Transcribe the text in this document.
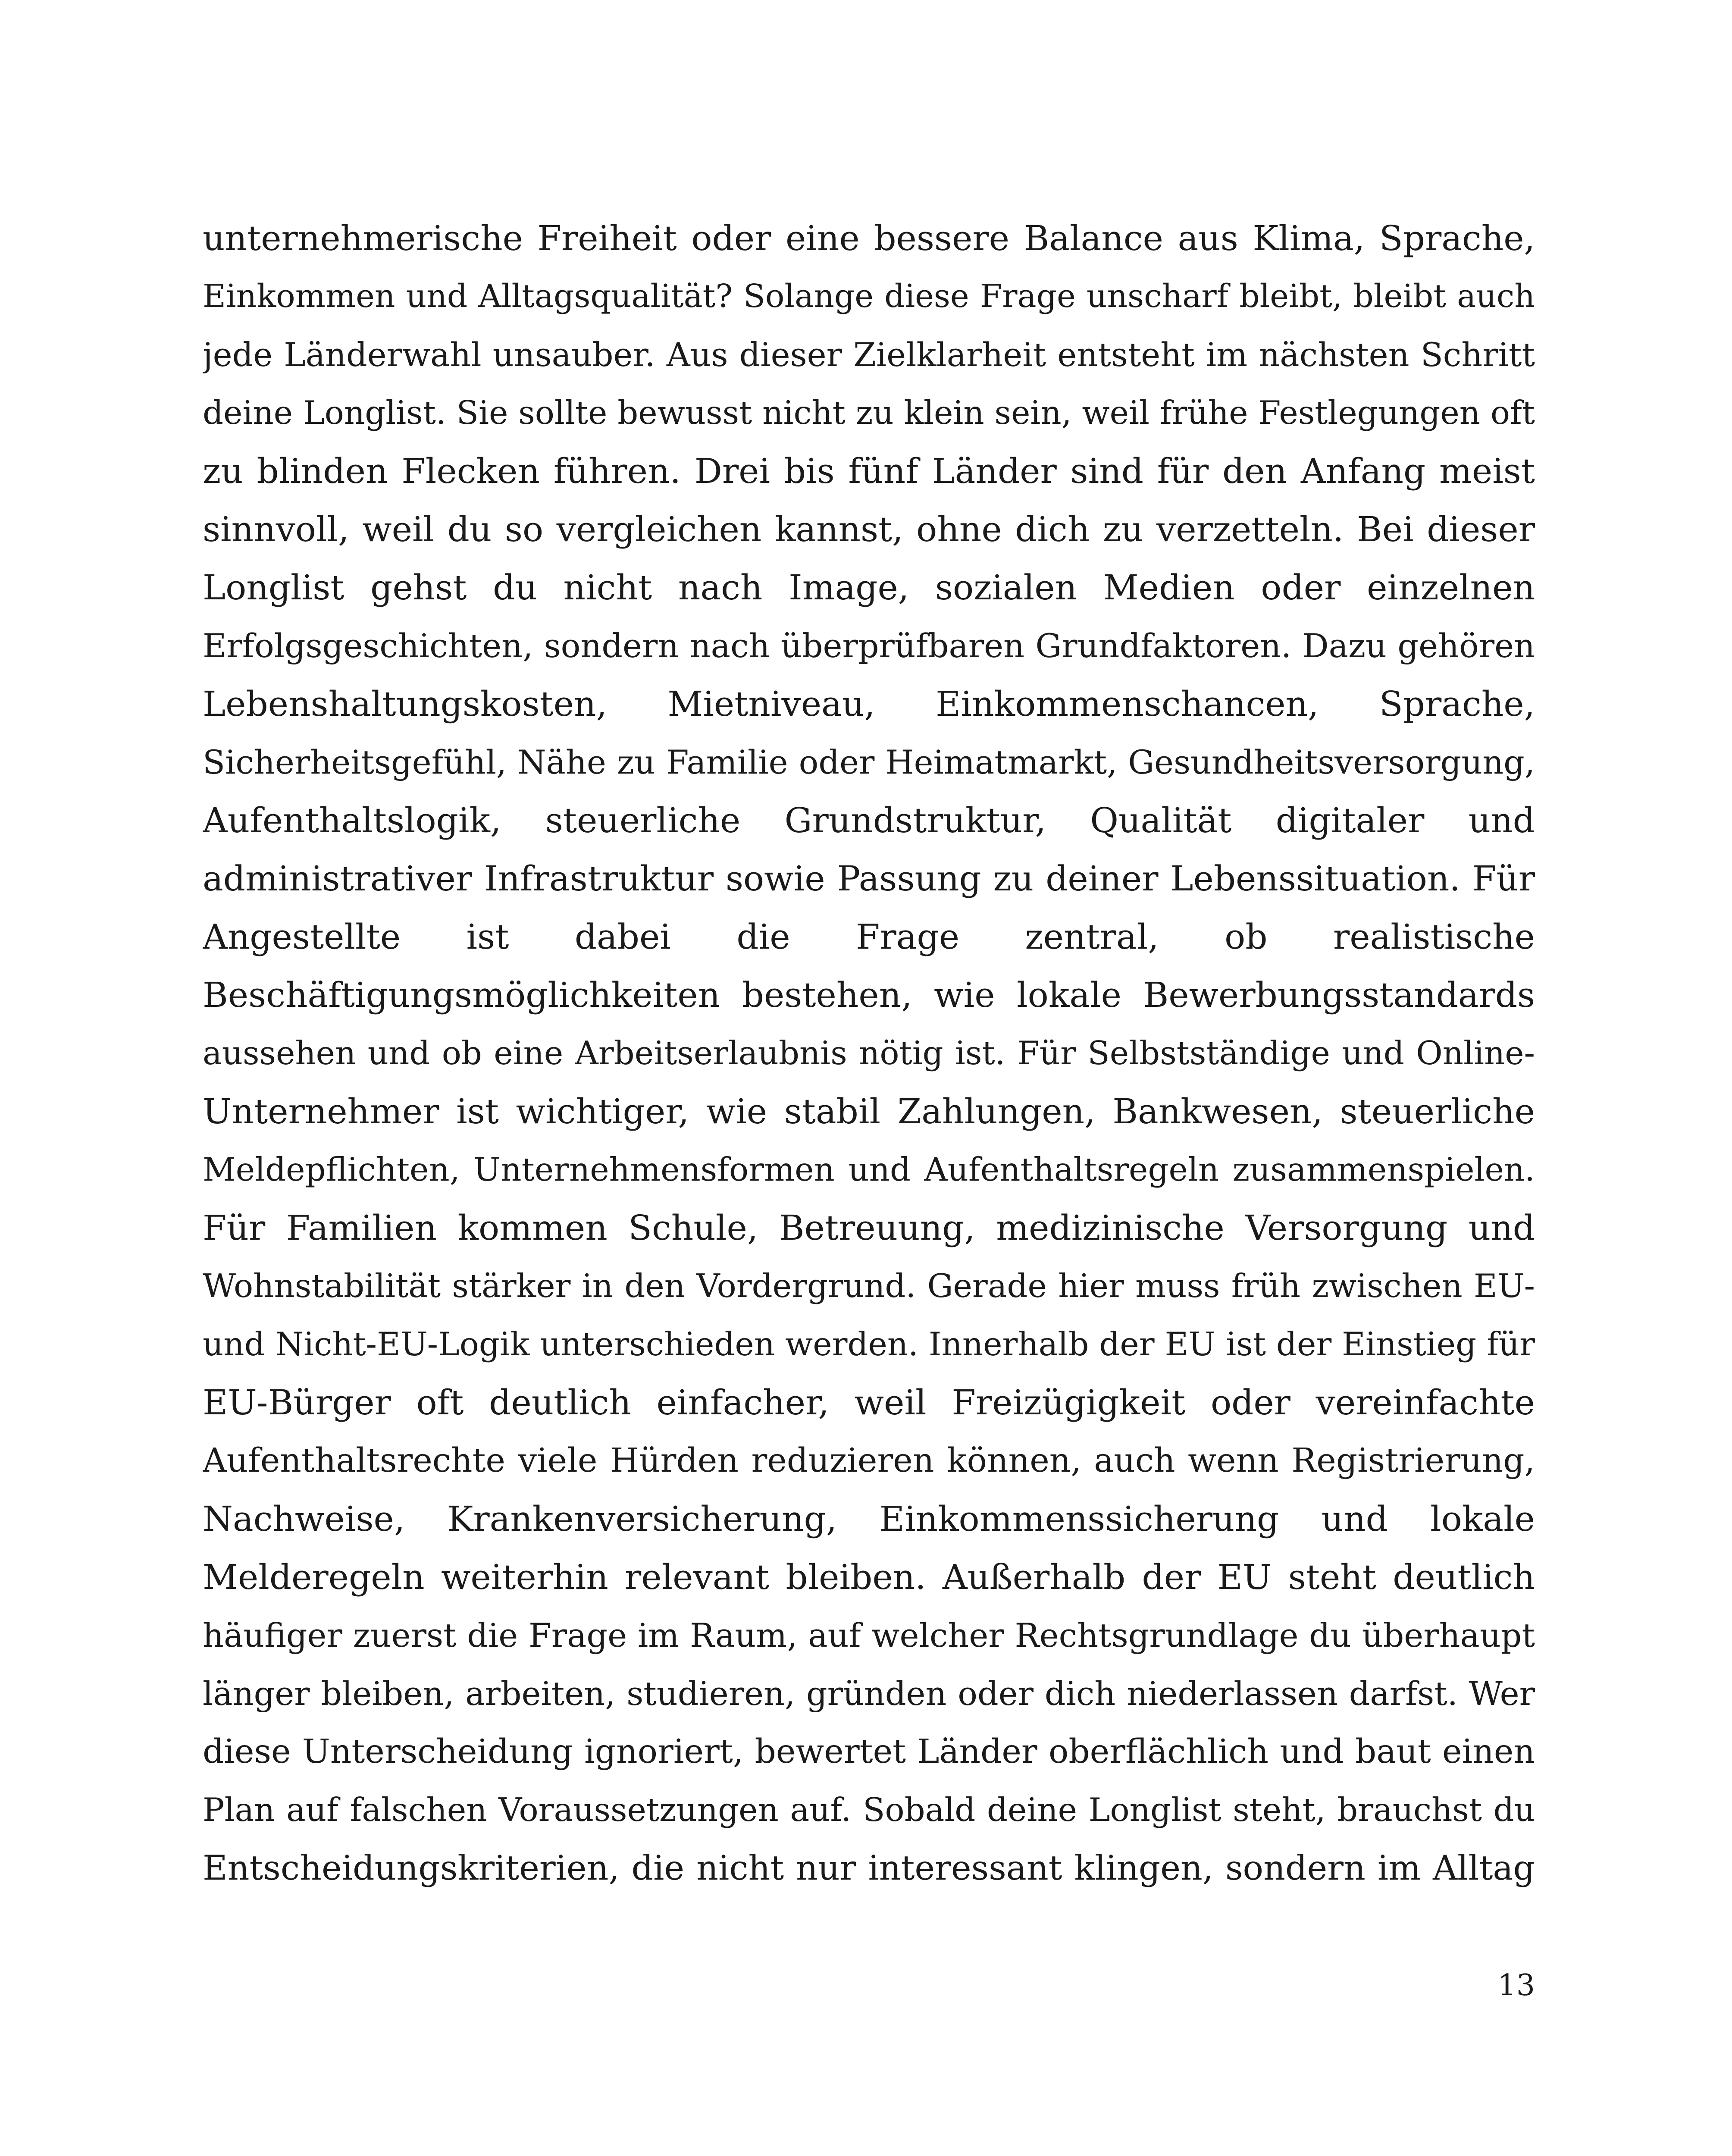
unternehmerische Freiheit oder eine bessere Balance aus Klima, Sprache,
Einkommen und Alltagsqualität? Solange diese Frage unscharf bleibt, bleibt auch
jede Länderwahl unsauber. Aus dieser Zielklarheit entsteht im nächsten Schritt
deine Longlist. Sie sollte bewusst nicht zu klein sein, weil frühe Festlegungen oft
zu blinden Flecken führen. Drei bis fünf Länder sind für den Anfang meist
sinnvoll, weil du so vergleichen kannst, ohne dich zu verzetteln. Bei dieser
Longlist gehst du nicht nach Image, sozialen Medien oder einzelnen
Erfolgsgeschichten, sondern nach überprüfbaren Grundfaktoren. Dazu gehören
Lebenshaltungskosten, Mietniveau, Einkommenschancen, Sprache,
Sicherheitsgefühl, Nähe zu Familie oder Heimatmarkt, Gesundheitsversorgung,
Aufenthaltslogik, steuerliche Grundstruktur, Qualität digitaler und
administrativer Infrastruktur sowie Passung zu deiner Lebenssituation. Für
Angestellte ist dabei die Frage zentral, ob realistische
Beschäftigungsmöglichkeiten bestehen, wie lokale Bewerbungsstandards
aussehen und ob eine Arbeitserlaubnis nötig ist. Für Selbstständige und Online-
Unternehmer ist wichtiger, wie stabil Zahlungen, Bankwesen, steuerliche
Meldepflichten, Unternehmensformen und Aufenthaltsregeln zusammenspielen.
Für Familien kommen Schule, Betreuung, medizinische Versorgung und
Wohnstabilität stärker in den Vordergrund. Gerade hier muss früh zwischen EU-
und Nicht-EU-Logik unterschieden werden. Innerhalb der EU ist der Einstieg für
EU-Bürger oft deutlich einfacher, weil Freizügigkeit oder vereinfachte
Aufenthaltsrechte viele Hürden reduzieren können, auch wenn Registrierung,
Nachweise, Krankenversicherung, Einkommenssicherung und lokale
Melderegeln weiterhin relevant bleiben. Außerhalb der EU steht deutlich
häufiger zuerst die Frage im Raum, auf welcher Rechtsgrundlage du überhaupt
länger bleiben, arbeiten, studieren, gründen oder dich niederlassen darfst. Wer
diese Unterscheidung ignoriert, bewertet Länder oberflächlich und baut einen
Plan auf falschen Voraussetzungen auf. Sobald deine Longlist steht, brauchst du
Entscheidungskriterien, die nicht nur interessant klingen, sondern im Alltag
13
